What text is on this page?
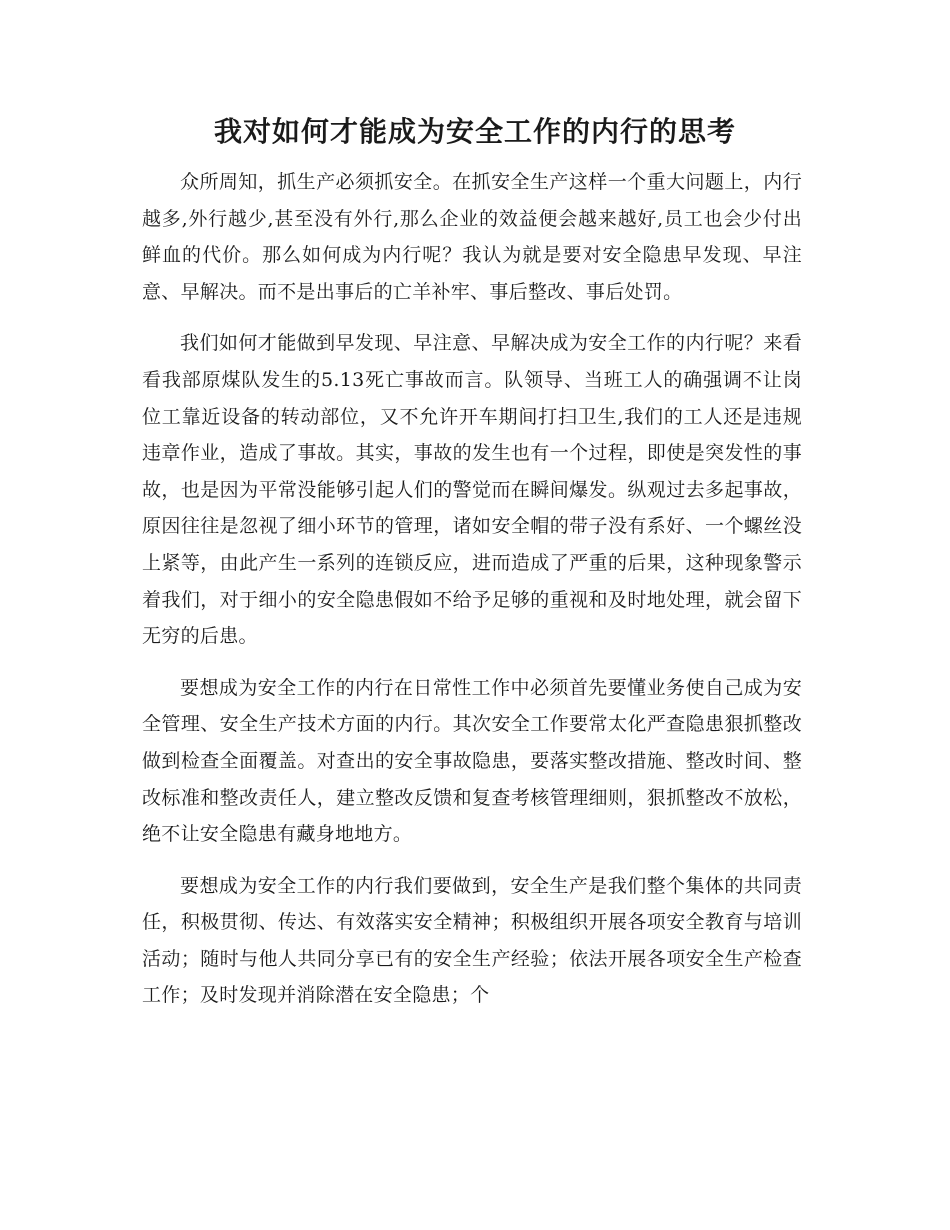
我对如何才能成为安全工作的内行的思考

众所周知，抓生产必须抓安全。在抓安全生产这样一个重大问题上，内行越多,外行越少,甚至没有外行,那么企业的效益便会越来越好,员工也会少付出鲜血的代价。那么如何成为内行呢？我认为就是要对安全隐患早发现、早注意、早解决。而不是出事后的亡羊补牢、事后整改、事后处罚。

我们如何才能做到早发现、早注意、早解决成为安全工作的内行呢？来看看我部原煤队发生的5.13死亡事故而言。队领导、当班工人的确强调不让岗位工靠近设备的转动部位，又不允许开车期间打扫卫生,我们的工人还是违规违章作业，造成了事故。其实，事故的发生也有一个过程，即使是突发性的事故，也是因为平常没能够引起人们的警觉而在瞬间爆发。纵观过去多起事故，原因往往是忽视了细小环节的管理，诸如安全帽的带子没有系好、一个螺丝没上紧等，由此产生一系列的连锁反应，进而造成了严重的后果，这种现象警示着我们，对于细小的安全隐患假如不给予足够的重视和及时地处理，就会留下无穷的后患。

要想成为安全工作的内行在日常性工作中必须首先要懂业务使自己成为安全管理、安全生产技术方面的内行。其次安全工作要常太化严查隐患狠抓整改做到检查全面覆盖。对查出的安全事故隐患，要落实整改措施、整改时间、整改标准和整改责任人，建立整改反馈和复查考核管理细则，狠抓整改不放松，绝不让安全隐患有藏身地地方。

要想成为安全工作的内行我们要做到，安全生产是我们整个集体的共同责任，积极贯彻、传达、有效落实安全精神；积极组织开展各项安全教育与培训活动；随时与他人共同分享已有的安全生产经验；依法开展各项安全生产检查工作；及时发现并消除潜在安全隐患；个
